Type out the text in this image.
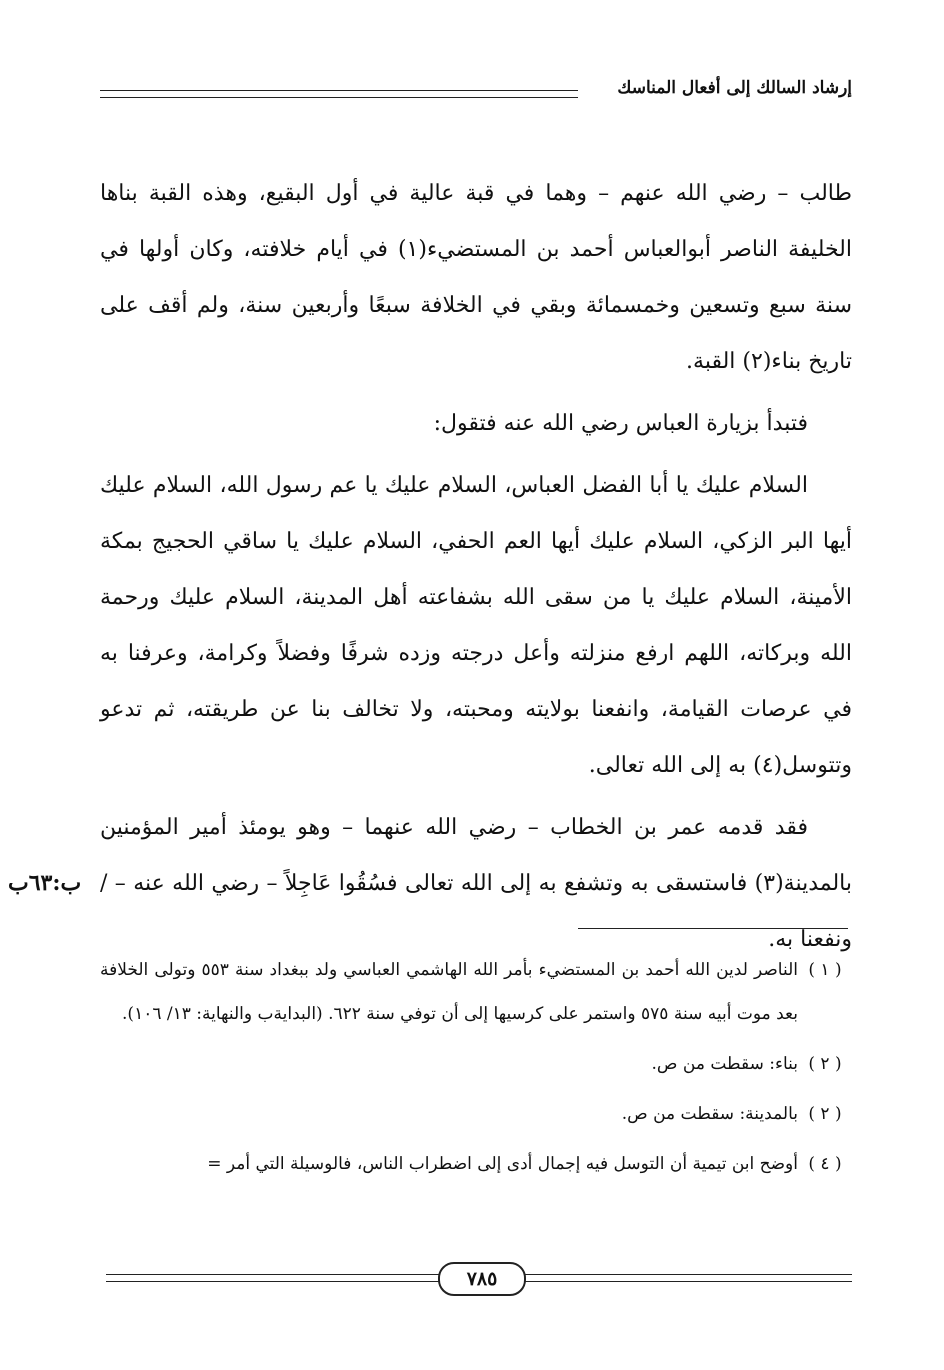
إرشاد السالك إلى أفعال المناسك

طالب – رضي الله عنهم – وهما في قبة عالية في أول البقيع، وهذه القبة بناها الخليفة الناصر أبوالعباس أحمد بن المستضيء(١) في أيام خلافته، وكان أولها في سنة سبع وتسعين وخمسمائة وبقي في الخلافة سبعًا وأربعين سنة، ولم أقف على تاريخ بناء(٢) القبة.

فتبدأ بزيارة العباس رضي الله عنه فتقول:

السلام عليك يا أبا الفضل العباس، السلام عليك يا عم رسول الله، السلام عليك أيها البر الزكي، السلام عليك أيها العم الحفي، السلام عليك يا ساقي الحجيج بمكة الأمينة، السلام عليك يا من سقى الله بشفاعته أهل المدينة، السلام عليك ورحمة الله وبركاته، اللهم ارفع منزلته وأعل درجته وزده شرفًا وفضلاً وكرامة، وعرفنا به في عرصات القيامة، وانفعنا بولايته ومحبته، ولا تخالف بنا عن طريقته، ثم تدعو وتتوسل(٤) به إلى الله تعالى.

فقد قدمه عمر بن الخطاب – رضي الله عنهما – وهو يومئذ أمير المؤمنين بالمدينة(٣) فاستسقى به وتشفع به إلى الله تعالى فسُقُوا عَاجِلاً – رضي الله عنه – / ونفعنا به.

ب:٦٣ب
( ١ )
الناصر لدين الله أحمد بن المستضيء بأمر الله الهاشمي العباسي ولد ببغداد سنة ٥٥٣ وتولى الخلافة بعد موت أبيه سنة ٥٧٥ واستمر على كرسيها إلى أن توفي سنة ٦٢٢. (البدايةب والنهاية: ١٣/ ١٠٦).
( ٢ )
بناء: سقطت من ص.
( ٢ )
بالمدينة: سقطت من ص.
( ٤ )
أوضح ابن تيمية أن التوسل فيه إجمال أدى إلى اضطراب الناس، فالوسيلة التي أمر =
٧٨٥
